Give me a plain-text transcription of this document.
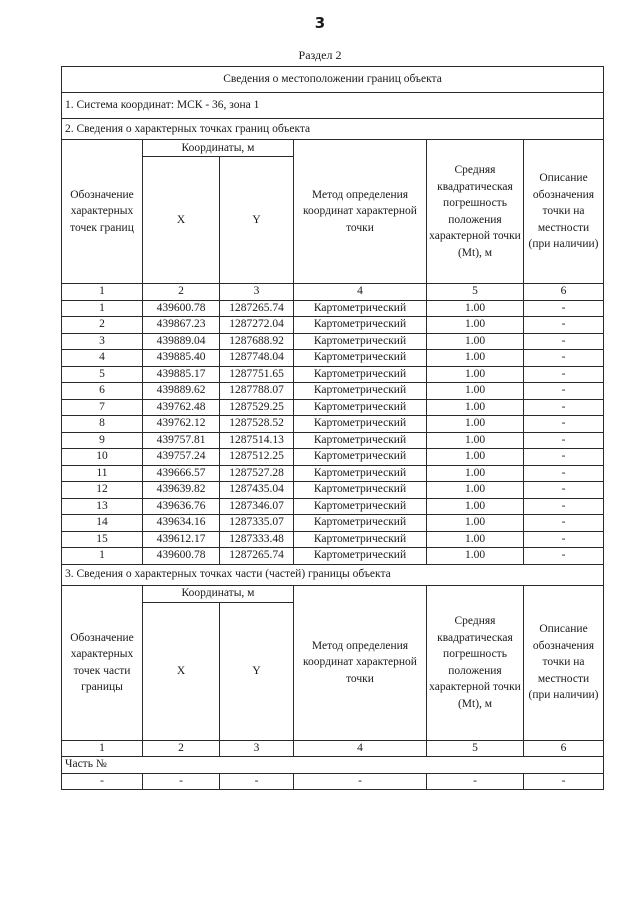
3
Раздел 2
Сведения о местоположении границ объекта					
1. Система координат: МСК - 36, зона 1					
2. Сведения о характерных точках границ объекта					
Обозначение характерных точек границ	Координаты, м		Метод определения координат характерной точки	Средняя квадратическая погрешность положения характерной точки (Mt), м	Описание обозначения точки на местности (при наличии)
	X	Y			
1	2	3	4	5	6
1	439600.78	1287265.74	Картометрический	1.00	-
2	439867.23	1287272.04	Картометрический	1.00	-
3	439889.04	1287688.92	Картометрический	1.00	-
4	439885.40	1287748.04	Картометрический	1.00	-
5	439885.17	1287751.65	Картометрический	1.00	-
6	439889.62	1287788.07	Картометрический	1.00	-
7	439762.48	1287529.25	Картометрический	1.00	-
8	439762.12	1287528.52	Картометрический	1.00	-
9	439757.81	1287514.13	Картометрический	1.00	-
10	439757.24	1287512.25	Картометрический	1.00	-
11	439666.57	1287527.28	Картометрический	1.00	-
12	439639.82	1287435.04	Картометрический	1.00	-
13	439636.76	1287346.07	Картометрический	1.00	-
14	439634.16	1287335.07	Картометрический	1.00	-
15	439612.17	1287333.48	Картометрический	1.00	-
1	439600.78	1287265.74	Картометрический	1.00	-
3. Сведения о характерных точках части (частей) границы объекта					
Обозначение характерных точек части границы	Координаты, м		Метод определения координат характерной точки	Средняя квадратическая погрешность положения характерной точки (Mt), м	Описание обозначения точки на местности (при наличии)
	X	Y			
1	2	3	4	5	6
Часть №					
-	-	-	-	-	-
